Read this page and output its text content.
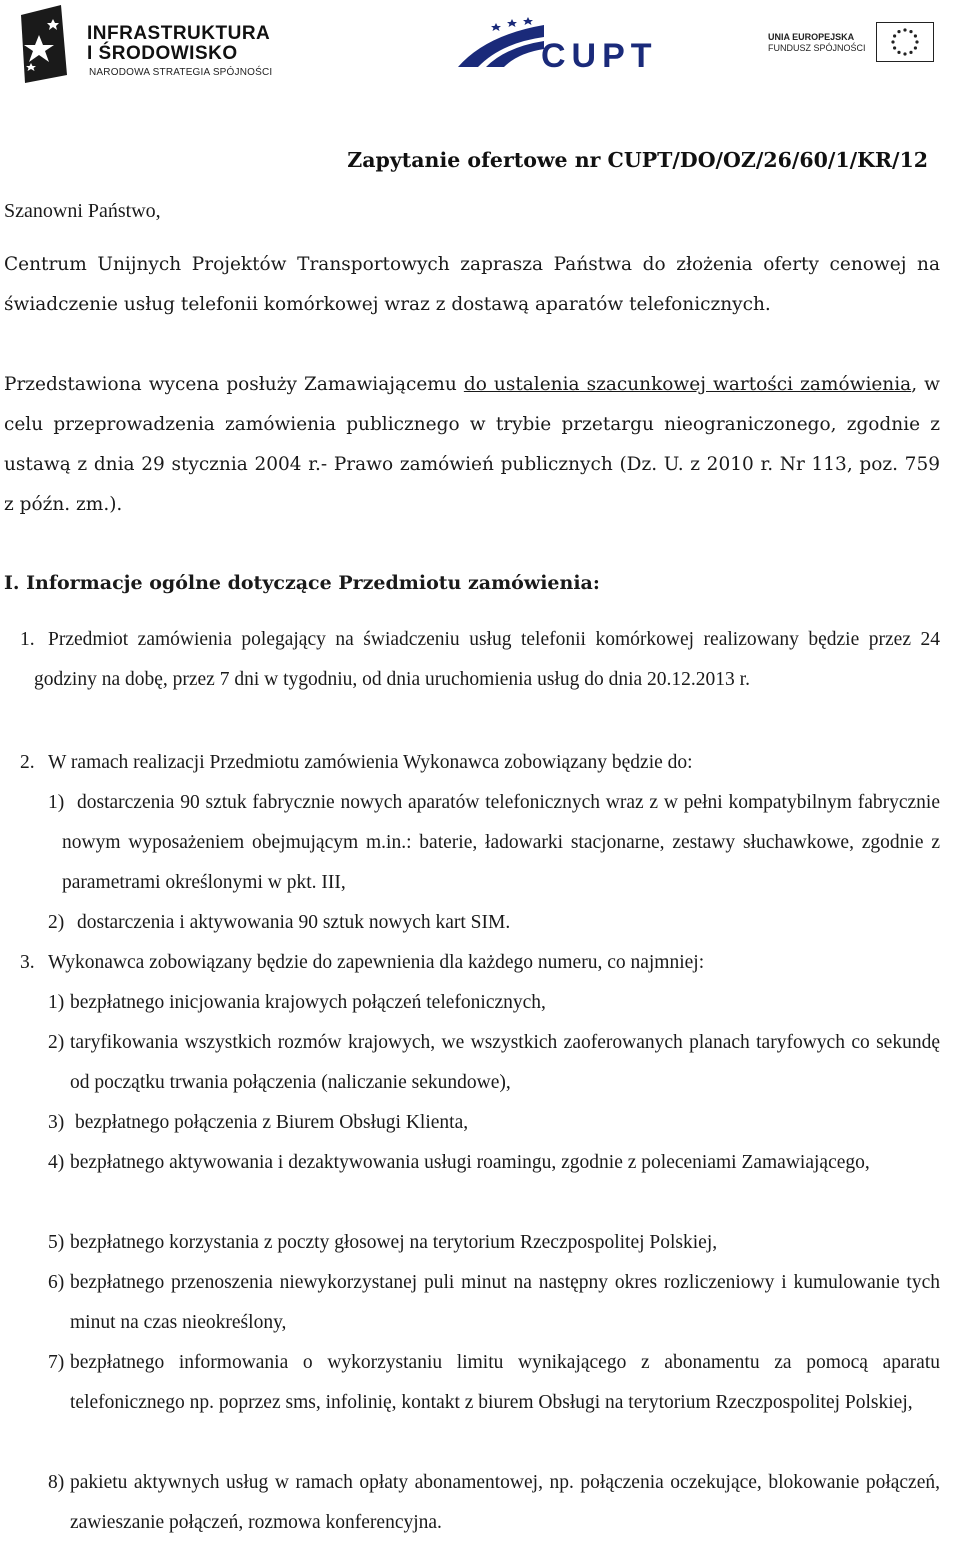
INFRASTRUKTURA
I ŚRODOWISKO
NARODOWA STRATEGIA SPÓJNOŚCI	CUPT	UNIA EUROPEJSKA
FUNDUSZ SPÓJNOŚCI
Zapytanie ofertowe nr CUPT/DO/OZ/26/60/1/KR/12
Szanowni Państwo,
Centrum Unijnych Projektów Transportowych zaprasza Państwa do złożenia oferty cenowej na świadczenie usług telefonii komórkowej wraz z dostawą aparatów telefonicznych.
Przedstawiona wycena posłuży Zamawiającemu do ustalenia szacunkowej wartości zamówienia, w celu przeprowadzenia zamówienia publicznego w trybie przetargu nieograniczonego, zgodnie z ustawą z dnia 29 stycznia 2004 r.- Prawo zamówień publicznych (Dz. U. z 2010 r. Nr 113, poz. 759 z późn. zm.).
I. Informacje ogólne dotyczące Przedmiotu zamówienia:
1. Przedmiot zamówienia polegający na świadczeniu usług telefonii komórkowej realizowany będzie przez 24 godziny na dobę, przez 7 dni w tygodniu, od dnia uruchomienia usług do dnia 20.12.2013 r.
2. W ramach realizacji Przedmiotu zamówienia Wykonawca zobowiązany będzie do:
1) dostarczenia 90 sztuk fabrycznie nowych aparatów telefonicznych wraz z w pełni kompatybilnym fabrycznie nowym wyposażeniem obejmującym m.in.: baterie, ładowarki stacjonarne, zestawy słuchawkowe, zgodnie z parametrami określonymi w pkt. III,
2) dostarczenia i aktywowania 90 sztuk nowych kart SIM.
3. Wykonawca zobowiązany będzie do zapewnienia dla każdego numeru, co najmniej:
1) bezpłatnego inicjowania krajowych połączeń telefonicznych,
2) taryfikowania wszystkich rozmów krajowych, we wszystkich zaoferowanych planach taryfowych co sekundę od początku trwania połączenia (naliczanie sekundowe),
3) bezpłatnego połączenia z Biurem Obsługi Klienta,
4) bezpłatnego aktywowania i dezaktywowania usługi roamingu, zgodnie z poleceniami Zamawiającego,
5) bezpłatnego korzystania z poczty głosowej na terytorium Rzeczpospolitej Polskiej,
6) bezpłatnego przenoszenia niewykorzystanej puli minut na następny okres rozliczeniowy i kumulowanie tych minut na czas nieokreślony,
7) bezpłatnego informowania o wykorzystaniu limitu wynikającego z abonamentu za pomocą aparatu telefonicznego np. poprzez sms, infolinię, kontakt z biurem Obsługi na terytorium Rzeczpospolitej Polskiej,
8) pakietu aktywnych usług w ramach opłaty abonamentowej, np. połączenia oczekujące, blokowanie połączeń, zawieszanie połączeń, rozmowa konferencyjna.
